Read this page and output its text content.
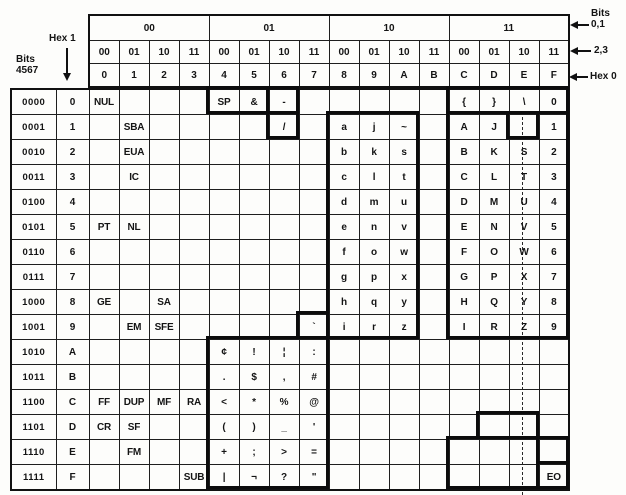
00				01				10				11			
00	01	10	11	00	01	10	11	00	01	10	11	00	01	10	11
0	1	2	3	4	5	6	7	8	9	A	B	C	D	E	F
0000	0	NUL				SP	&	-						{	}	\	0
0001	1		SBA					/		a	j	~		A	J		1
0010	2		EUA							b	k	s		B	K	S	2
0011	3		IC							c	l	t		C	L	T	3
0100	4									d	m	u		D	M	U	4
0101	5	PT	NL							e	n	v		E	N	V	5
0110	6									f	o	w		F	O	W	6
0111	7									g	p	x		G	P	X	7
1000	8	GE		SA						h	q	y		H	Q	Y	8
1001	9		EM	SFE					`	i	r	z		I	R	Z	9
1010	A					¢	!	¦	:								
1011	B					.	$	,	#								
1100	C	FF	DUP	MF	RA	<	*	%	@								
1101	D	CR	SF			(	)	_	'								
1110	E		FM			+	;	>	=								
1111	F				SUB	|	¬	?	"								EO
Bits
4567
Hex 1
Bits
0,1
2,3
Hex 0
